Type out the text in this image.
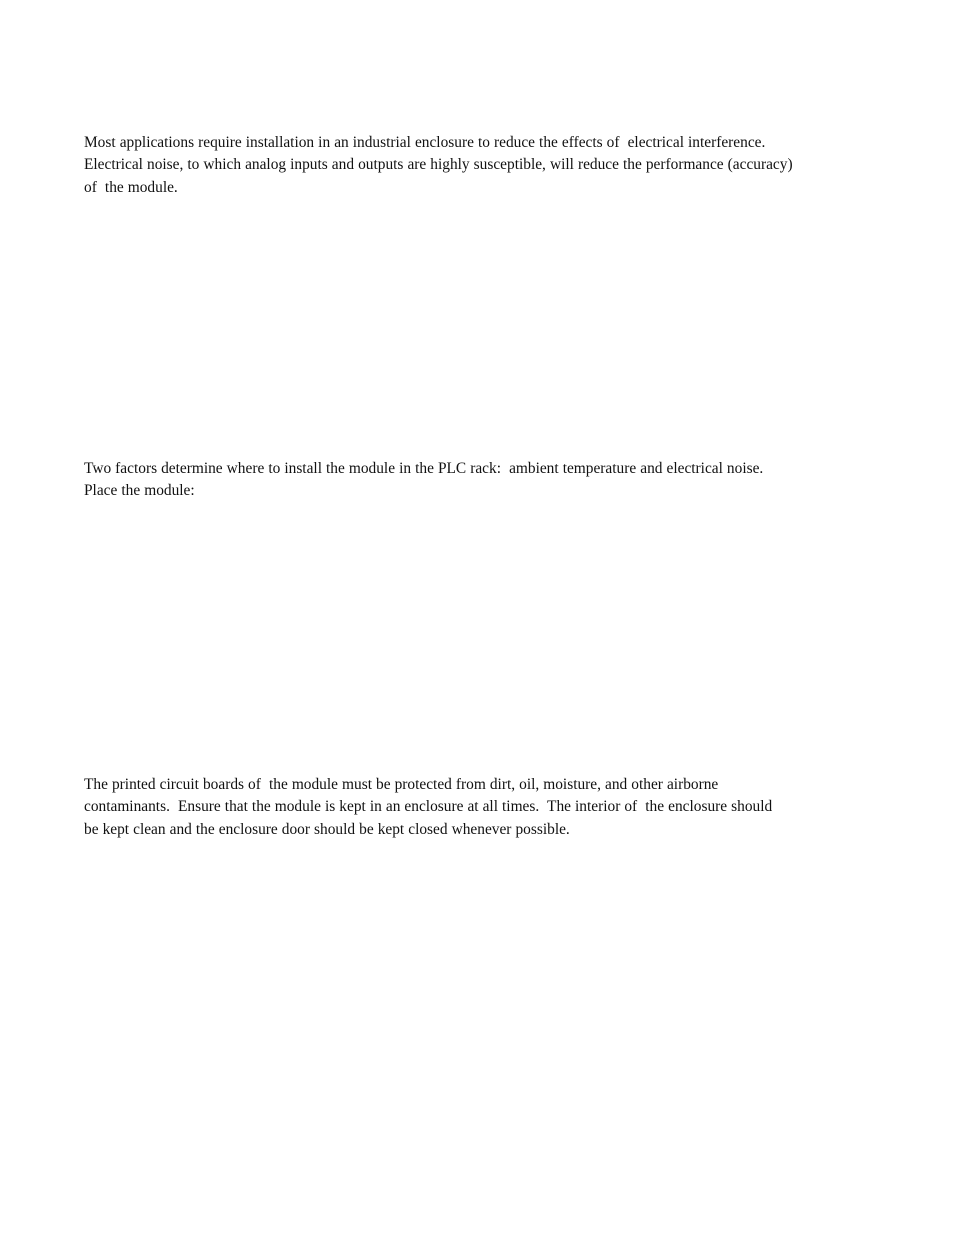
Most applications require installation in an industrial enclosure to reduce the effects of  electrical interference.
Electrical noise, to which analog inputs and outputs are highly susceptible, will reduce the performance (accuracy)
of  the module.

Two factors determine where to install the module in the PLC rack:  ambient temperature and electrical noise.
Place the module:

The printed circuit boards of  the module must be protected from dirt, oil, moisture, and other airborne
contaminants.  Ensure that the module is kept in an enclosure at all times.  The interior of  the enclosure should
be kept clean and the enclosure door should be kept closed whenever possible.
